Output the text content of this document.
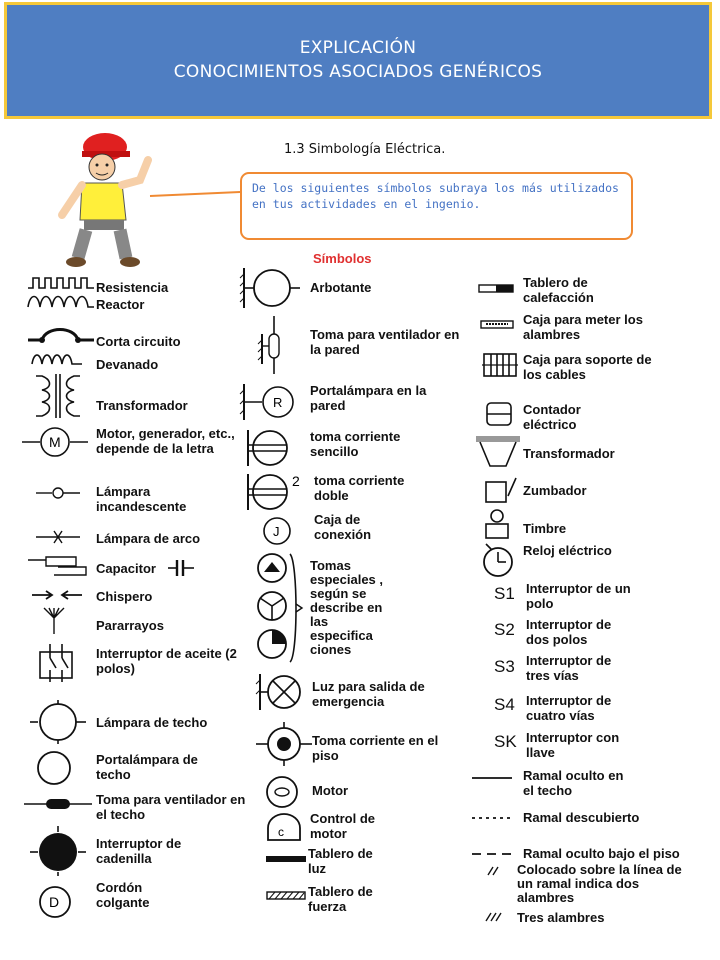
EXPLICACIÓN
CONOCIMIENTOS ASOCIADOS GENÉRICOS
1.3 Simbología Eléctrica.
De los siguientes símbolos subraya los más utilizados en tus actividades en el ingenio.
Símbolos
Resistencia
Reactor
Corta circuito
Devanado
Transformador
M
Motor, generador, etc., depende de la letra
Lámpara incandescente
Lámpara de arco
Capacitor
Chispero
Pararrayos
Interruptor de aceite (2 polos)
Lámpara de techo
Portalámpara de techo
Toma para ventilador en el techo
Interruptor de cadenilla
D
Cordón colgante
Arbotante
Toma para ventilador en la pared
R
Portalámpara en la pared
toma corriente sencillo
2 toma corriente doble
J
Caja de conexión
Tomas especiales , según se describe en las especifica ciones
Luz para salida de emergencia
Toma corriente en el piso
Motor
c
Control de motor
Tablero de luz
Tablero de fuerza
Tablero de calefacción
Caja para meter los alambres
Caja para soporte de los cables
Contador eléctrico
Transformador
Zumbador
Timbre
Reloj eléctrico
S1 Interruptor de un polo
S2 Interruptor de dos polos
S3 Interruptor de tres vías
S4 Interruptor de cuatro vías
SK Interruptor con llave
Ramal oculto en el techo
Ramal descubierto
Ramal oculto bajo el piso
Colocado sobre la línea de un ramal indica dos alambres
Tres alambres
